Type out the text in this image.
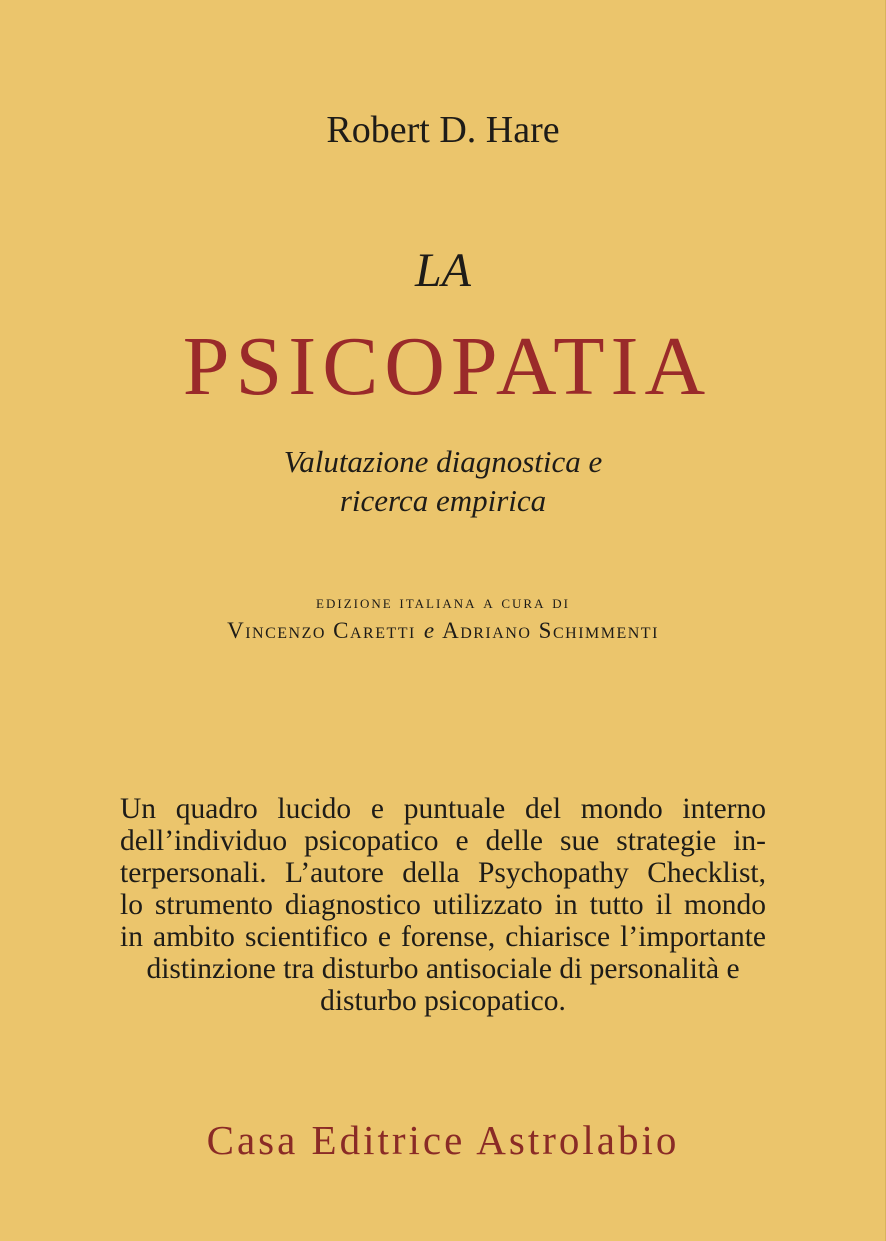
Robert D. Hare
LA
PSICOPATIA
Valutazione diagnostica e
ricerca empirica
edizione italiana a cura di
Vincenzo Caretti e Adriano Schimmenti
Un quadro lucido e puntuale del mondo interno
dell’individuo psicopatico e delle sue strategie in-
terpersonali. L’autore della Psychopathy Checklist,
lo strumento diagnostico utilizzato in tutto il mondo
in ambito scientifico e forense, chiarisce l’importante
distinzione tra disturbo antisociale di personalità e
disturbo psicopatico.
Casa Editrice Astrolabio
